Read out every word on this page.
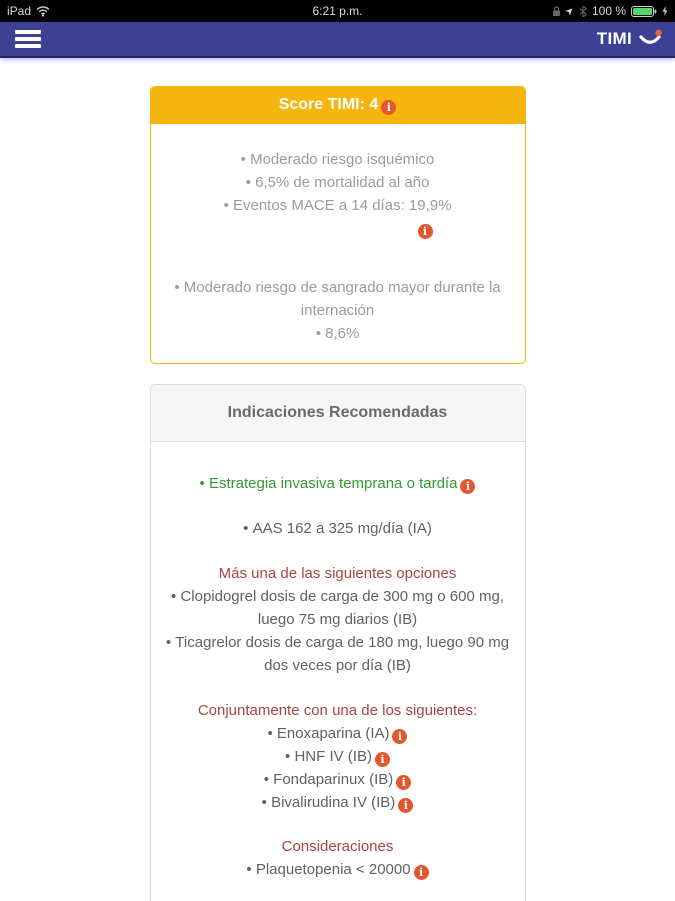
iPad	6:21 p.m.	➤ 100 %
TIMI
Score TIMI: 4 i
• Moderado riesgo isquémico
• 6,5% de mortalidad al año
• Eventos MACE a 14 días: 19,9%
i
• Moderado riesgo de sangrado mayor durante la internación
• 8,6%
Indicaciones Recomendadas
• Estrategia invasiva temprana o tardía i
• AAS 162 a 325 mg/día (IA)
Más una de las siguientes opciones
• Clopidogrel dosis de carga de 300 mg o 600 mg, luego 75 mg diarios (IB)
• Ticagrelor dosis de carga de 180 mg, luego 90 mg dos veces por día (IB)
Conjuntamente con una de los siguientes:
• Enoxaparina (IA) i
• HNF IV (IB) i
• Fondaparinux (IB) i
• Bivalirudina IV (IB) i
Consideraciones
• Plaquetopenia < 20000 i
